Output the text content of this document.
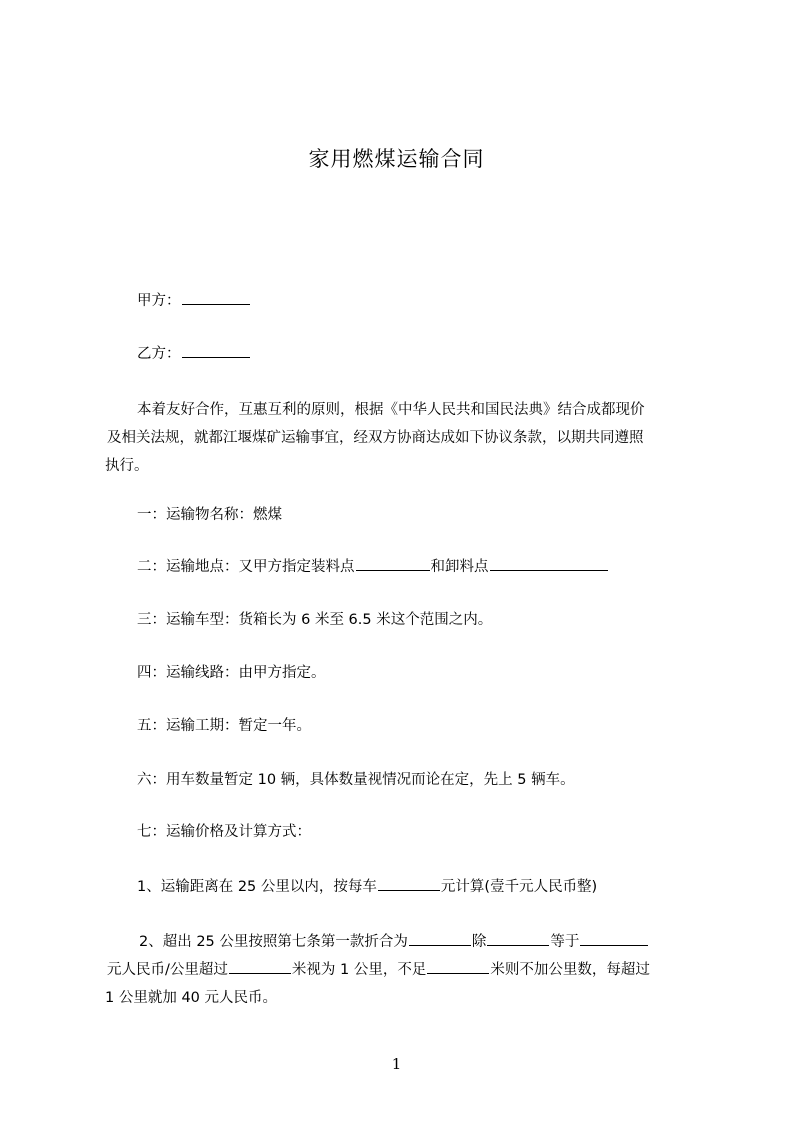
家用燃煤运输合同
甲方：
乙方：

本着友好合作，互惠互利的原则，根据《中华人民共和国民法典》结合成都现价

及相关法规，就都江堰煤矿运输事宜，经双方协商达成如下协议条款，以期共同遵照

执行。

一：运输物名称：燃煤
二：运输地点：又甲方指定装料点	和卸料点
三：运输车型：货箱长为 6 米至 6.5 米这个范围之内。
四：运输线路：由甲方指定。
五：运输工期：暂定一年。
六：用车数量暂定 10 辆，具体数量视情况而论在定，先上 5 辆车。
七：运输价格及计算方式：
1、运输距离在 25 公里以内，按每车	元计算(壹千元人民币整)

2、超出 25 公里按照第七条第一款折合为	除	等于

元人民币/公里超过	米视为 1 公里，不足	米则不加公里数，每超过

1 公里就加 40 元人民币。

1
